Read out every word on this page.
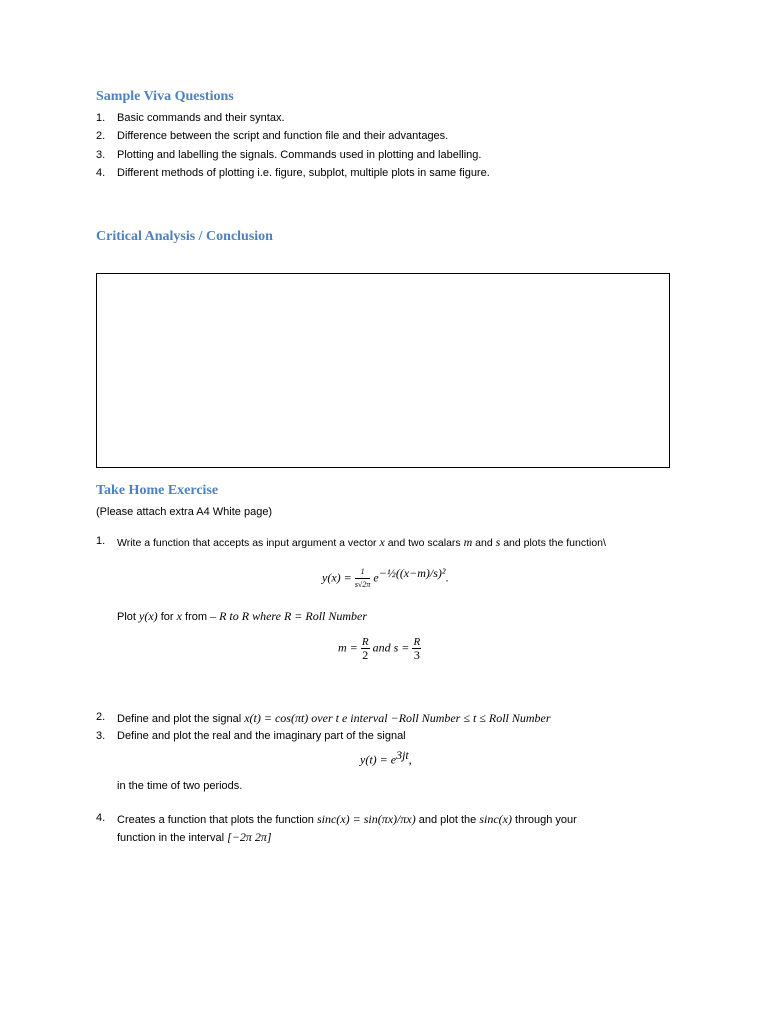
Sample Viva Questions
1. Basic commands and their syntax.
2. Difference between the script and function file and their advantages.
3. Plotting and labelling the signals. Commands used in plotting and labelling.
4. Different methods of plotting i.e. figure, subplot, multiple plots in same figure.
Critical Analysis / Conclusion
Take Home Exercise
(Please attach extra A4 White page)
1. Write a function that accepts as input argument a vector x and two scalars m and s and plots the function\
$y(x) = \frac{1}{s√2\pi} e^{-\frac{1}{2}((x-m)/s)^2}$.
Plot y(x) for x from – R to R where R = Roll Number
$m = \frac{R}{2}$ and $s = \frac{R}{3}$
2. Define and plot the signal x(t) = cos(πt) over t e interval −Roll Number ≤ t ≤ Roll Number
3. Define and plot the real and the imaginary part of the signal
$y(t) = e^{3jt}$,
in the time of two periods.
4. Creates a function that plots the function sinc(x) = sin(πx)/πx) and plot the sinc(x) through your
function in the interval [−2π 2π]
